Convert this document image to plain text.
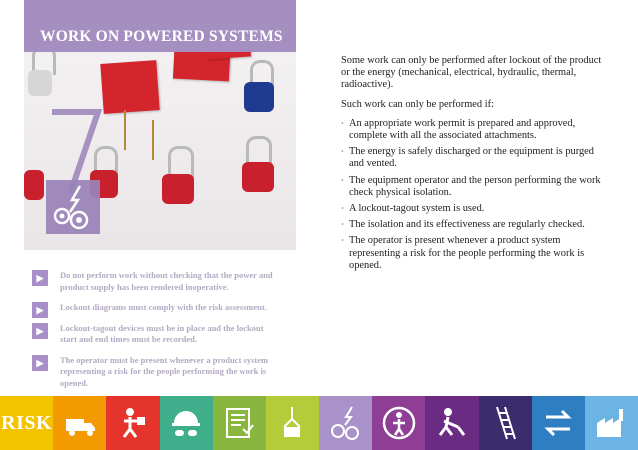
WORK ON POWERED SYSTEMS

Some work can only be performed after lockout of the product or the energy (mechanical, electrical, hydraulic, thermal, radioactive).

Such work can only be performed if:

• An appropriate work permit is prepared and approved, complete with all the associated attachments.
• The energy is safely discharged or the equipment is purged and vented.
• The equipment operator and the person performing the work check physical isolation.
• A lockout-tagout system is used.
• The isolation and its effectiveness are regularly checked.
• The operator is present whenever a product system representing a risk for the people performing the work is opened.
▶	Do not perform work without checking that the power and product supply has been rendered inoperative.
▶	Lockout diagrams must comply with the risk assessment.
▶	Lockout-tagout devices must be in place and the lockout start and end times must be recorded.
▶	The operator must be present whenever a product system representing a risk for the people performing the work is opened.
RISK
